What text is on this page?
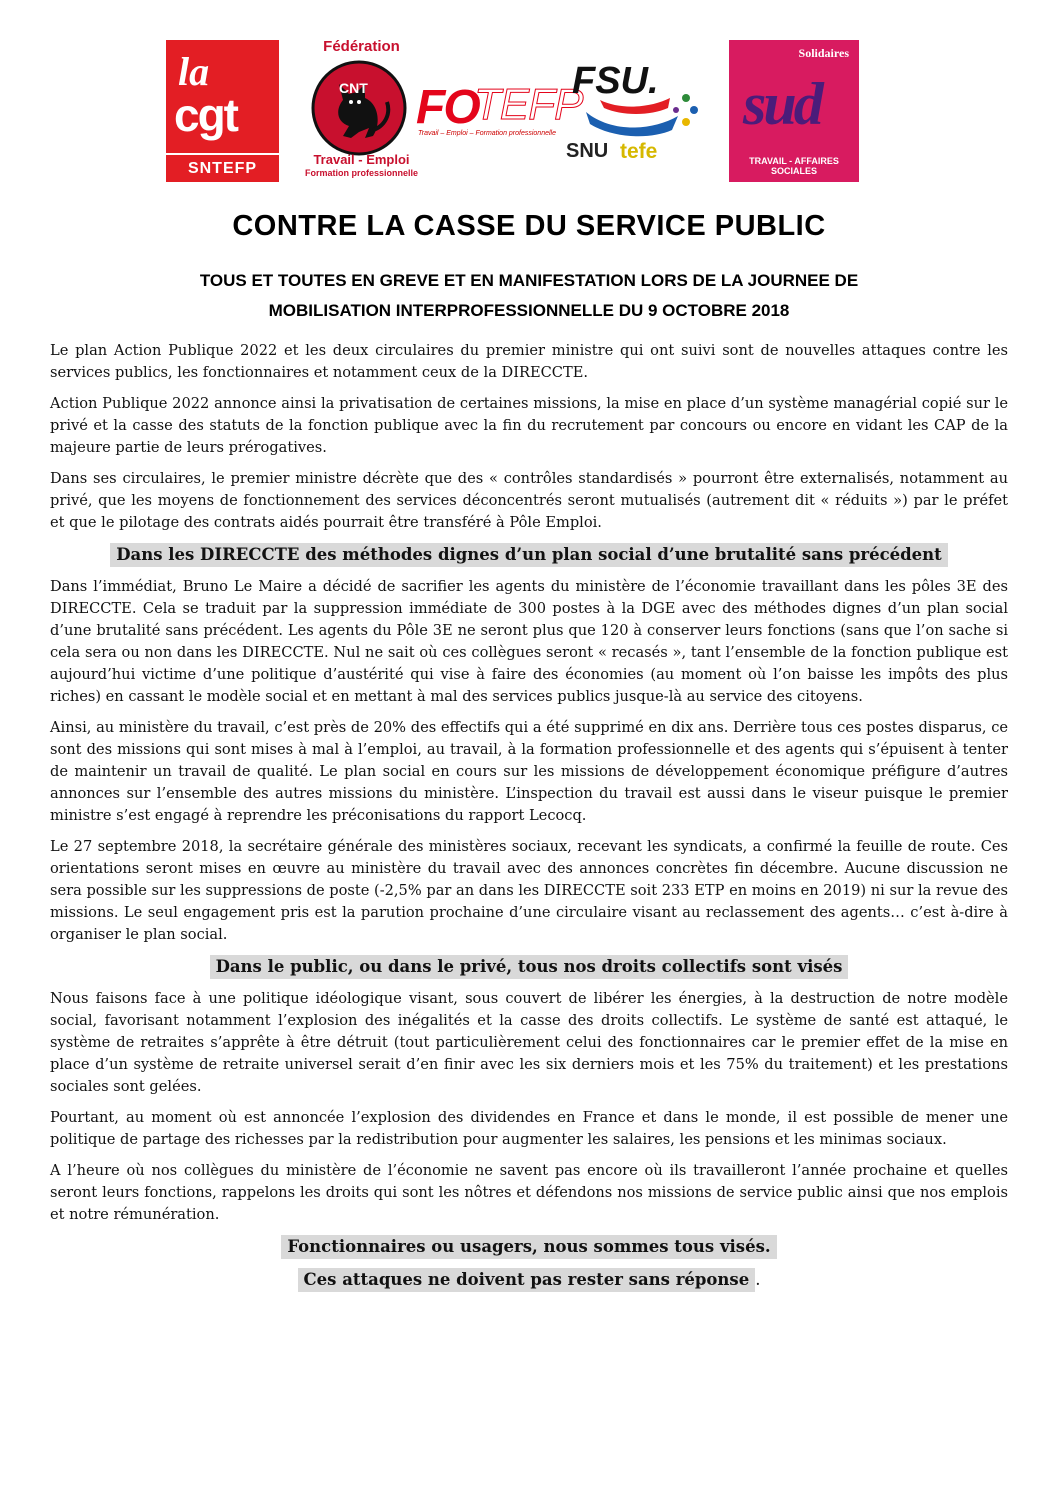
la
cgt
SNTEFP
Fédération
CNT
Travail - Emploi
Formation professionnelle
FO
TEFP
Travail – Emploi – Formation professionnelle
FSU.
SNU tefe
Solidaires
sud
TRAVAIL - AFFAIRES SOCIALES
CONTRE LA CASSE DU SERVICE PUBLIC
TOUS ET TOUTES EN GREVE ET EN MANIFESTATION LORS DE LA JOURNEE DE
MOBILISATION INTERPROFESSIONNELLE DU 9 OCTOBRE 2018

Le plan Action Publique 2022 et les deux circulaires du premier ministre qui ont suivi sont de nouvelles attaques contre les services publics, les fonctionnaires et notamment ceux de la DIRECCTE.

Action Publique 2022 annonce ainsi la privatisation de certaines missions, la mise en place d’un système managérial copié sur le privé et la casse des statuts de la fonction publique avec la fin du recrutement par concours ou encore en vidant les CAP de la majeure partie de leurs prérogatives.

Dans ses circulaires, le premier ministre décrète que des « contrôles standardisés » pourront être externalisés, notamment au privé, que les moyens de fonctionnement des services déconcentrés seront mutualisés (autrement dit « réduits ») par le préfet et que le pilotage des contrats aidés pourrait être transféré à Pôle Emploi.

Dans les DIRECCTE des méthodes dignes d’un plan social d’une brutalité sans précédent

Dans l’immédiat, Bruno Le Maire a décidé de sacrifier les agents du ministère de l’économie travaillant dans les pôles 3E des DIRECCTE. Cela se traduit par la suppression immédiate de 300 postes à la DGE avec des méthodes dignes d’un plan social d’une brutalité sans précédent. Les agents du Pôle 3E ne seront plus que 120 à conserver leurs fonctions (sans que l’on sache si cela sera ou non dans les DIRECCTE. Nul ne sait où ces collègues seront « recasés », tant l’ensemble de la fonction publique est aujourd’hui victime d’une politique d’austérité qui vise à faire des économies (au moment où l’on baisse les impôts des plus riches) en cassant le modèle social et en mettant à mal des services publics jusque-là au service des citoyens.

Ainsi, au ministère du travail, c’est près de 20% des effectifs qui a été supprimé en dix ans. Derrière tous ces postes disparus, ce sont des missions qui sont mises à mal à l’emploi, au travail, à la formation professionnelle et des agents qui s’épuisent à tenter de maintenir un travail de qualité. Le plan social en cours sur les missions de développement économique préfigure d’autres annonces sur l’ensemble des autres missions du ministère. L’inspection du travail est aussi dans le viseur puisque le premier ministre s’est engagé à reprendre les préconisations du rapport Lecocq.

Le 27 septembre 2018, la secrétaire générale des ministères sociaux, recevant les syndicats, a confirmé la feuille de route. Ces orientations seront mises en œuvre au ministère du travail avec des annonces concrètes fin décembre. Aucune discussion ne sera possible sur les suppressions de poste (-2,5% par an dans les DIRECCTE soit 233 ETP en moins en 2019) ni sur la revue des missions. Le seul engagement pris est la parution prochaine d’une circulaire visant au reclassement des agents… c’est à-dire à organiser le plan social.

Dans le public, ou dans le privé, tous nos droits collectifs sont visés

Nous faisons face à une politique idéologique visant, sous couvert de libérer les énergies, à la destruction de notre modèle social, favorisant notamment l’explosion des inégalités et la casse des droits collectifs. Le système de santé est attaqué, le système de retraites s’apprête à être détruit (tout particulièrement celui des fonctionnaires car le premier effet de la mise en place d’un système de retraite universel serait d’en finir avec les six derniers mois et les 75% du traitement) et les prestations sociales sont gelées.

Pourtant, au moment où est annoncée l’explosion des dividendes en France et dans le monde, il est possible de mener une politique de partage des richesses par la redistribution pour augmenter les salaires, les pensions et les minimas sociaux.

A l’heure où nos collègues du ministère de l’économie ne savent pas encore où ils travailleront l’année prochaine et quelles seront leurs fonctions, rappelons les droits qui sont les nôtres et défendons nos missions de service public ainsi que nos emplois et notre rémunération.

Fonctionnaires ou usagers, nous sommes tous visés.
Ces attaques ne doivent pas rester sans réponse .
